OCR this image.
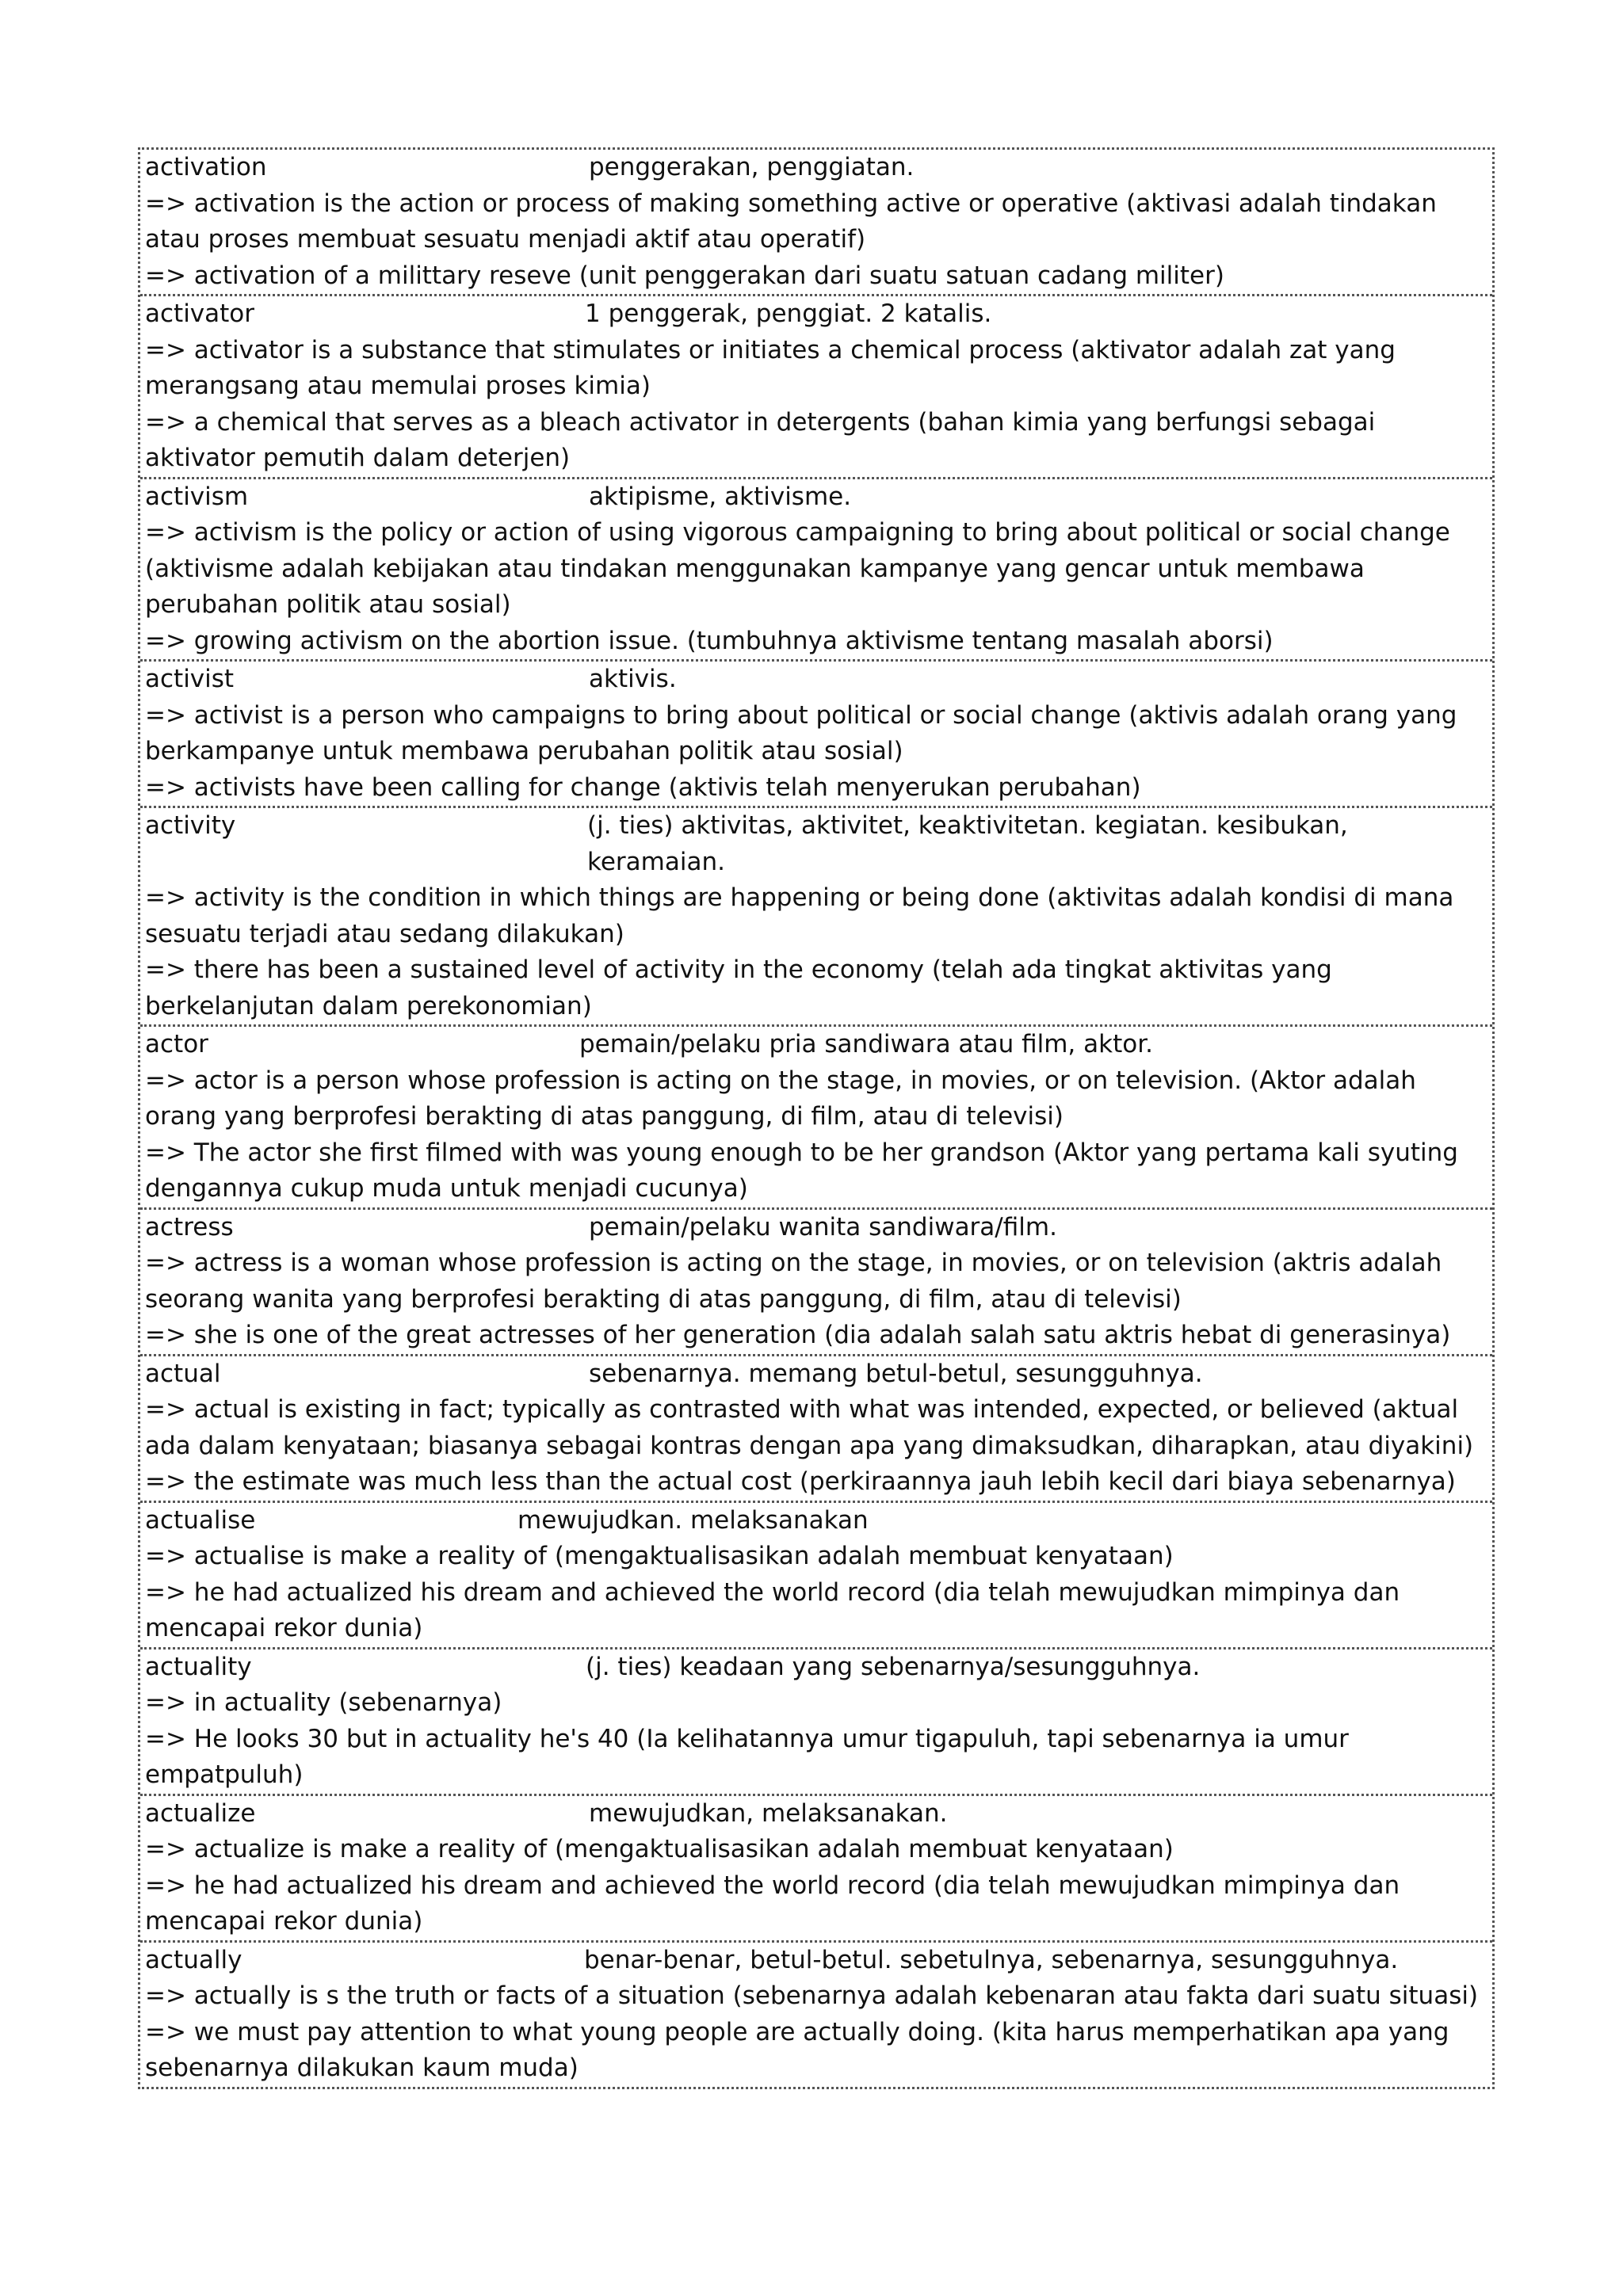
activation	penggerakan, penggiatan.
=> activation is the action or process of making something active or operative (aktivasi adalah tindakan atau proses membuat sesuatu menjadi aktif atau operatif)
=> activation of a milittary reseve (unit penggerakan dari suatu satuan cadang militer)
activator	1 penggerak, penggiat. 2 katalis.
=> activator is a substance that stimulates or initiates a chemical process (aktivator adalah zat yang merangsang atau memulai proses kimia)
=> a chemical that serves as a bleach activator in detergents (bahan kimia yang berfungsi sebagai aktivator pemutih dalam deterjen)
activism	aktipisme, aktivisme.
=> activism is the policy or action of using vigorous campaigning to bring about political or social change (aktivisme adalah kebijakan atau tindakan menggunakan kampanye yang gencar untuk membawa perubahan politik atau sosial)
=> growing activism on the abortion issue. (tumbuhnya aktivisme tentang masalah aborsi)
activist	aktivis.
=> activist is a person who campaigns to bring about political or social change (aktivis adalah orang yang berkampanye untuk membawa perubahan politik atau sosial)
=> activists have been calling for change (aktivis telah menyerukan perubahan)
activity	(j. ties) aktivitas, aktivitet, keaktivitetan. kegiatan. kesibukan, keramaian.
=> activity is the condition in which things are happening or being done (aktivitas adalah kondisi di mana sesuatu terjadi atau sedang dilakukan)
=> there has been a sustained level of activity in the economy (telah ada tingkat aktivitas yang berkelanjutan dalam perekonomian)
actor	pemain/pelaku pria sandiwara atau film, aktor.
=> actor is a person whose profession is acting on the stage, in movies, or on television. (Aktor adalah orang yang berprofesi berakting di atas panggung, di film, atau di televisi)
=> The actor she first filmed with was young enough to be her grandson (Aktor yang pertama kali syuting dengannya cukup muda untuk menjadi cucunya)
actress	pemain/pelaku wanita sandiwara/film.
=> actress is a woman whose profession is acting on the stage, in movies, or on television (aktris adalah seorang wanita yang berprofesi berakting di atas panggung, di film, atau di televisi)
=> she is one of the great actresses of her generation (dia adalah salah satu aktris hebat di generasinya)
actual	sebenarnya. memang betul-betul, sesungguhnya.
=> actual is existing in fact; typically as contrasted with what was intended, expected, or believed (aktual ada dalam kenyataan; biasanya sebagai kontras dengan apa yang dimaksudkan, diharapkan, atau diyakini)
=> the estimate was much less than the actual cost (perkiraannya jauh lebih kecil dari biaya sebenarnya)
actualise	mewujudkan. melaksanakan
=> actualise is make a reality of (mengaktualisasikan adalah membuat kenyataan)
=> he had actualized his dream and achieved the world record (dia telah mewujudkan mimpinya dan mencapai rekor dunia)
actuality	(j. ties) keadaan yang sebenarnya/sesungguhnya.
=> in actuality (sebenarnya)
=> He looks 30 but in actuality he's 40 (Ia kelihatannya umur tigapuluh, tapi sebenarnya ia umur empatpuluh)
actualize	mewujudkan, melaksanakan.
=> actualize is make a reality of (mengaktualisasikan adalah membuat kenyataan)
=> he had actualized his dream and achieved the world record (dia telah mewujudkan mimpinya dan mencapai rekor dunia)
actually	benar-benar, betul-betul. sebetulnya, sebenarnya, sesungguhnya.
=> actually is s the truth or facts of a situation (sebenarnya adalah kebenaran atau fakta dari suatu situasi)
=> we must pay attention to what young people are actually doing. (kita harus memperhatikan apa yang sebenarnya dilakukan kaum muda)
